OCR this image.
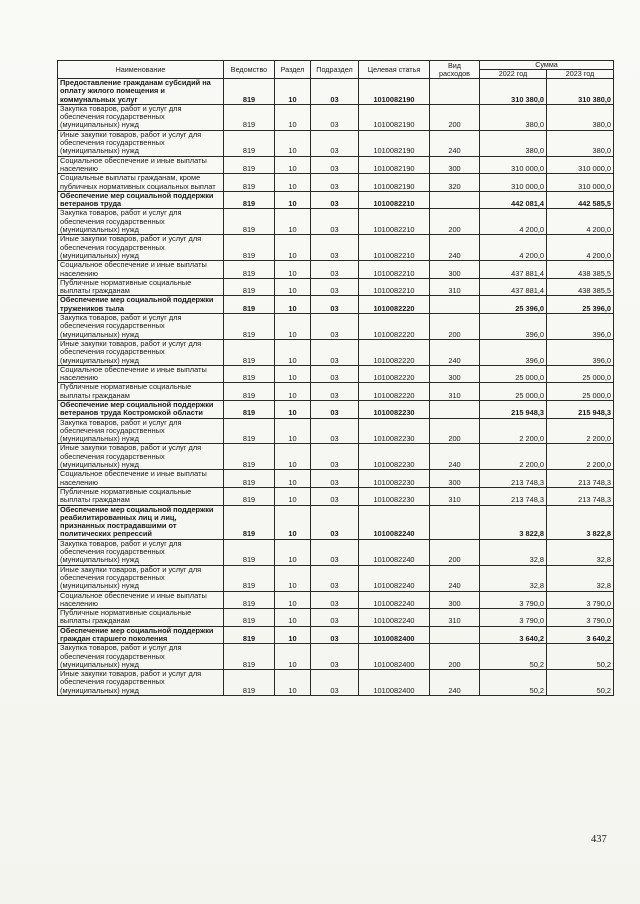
Наименование	Ведомство	Раздел	Подраздел	Целевая статья	Вид расходов	Сумма	
						2022 год	2023 год
Предоставление гражданам субсидий на оплату жилого помещения и коммунальных услуг	819	10	03	1010082190		310 380,0	310 380,0
Закупка товаров, работ и услуг для обеспечения государственных (муниципальных) нужд	819	10	03	1010082190	200	380,0	380,0
Иные закупки товаров, работ и услуг для обеспечения государственных (муниципальных) нужд	819	10	03	1010082190	240	380,0	380,0
Социальное обеспечение и иные выплаты населению	819	10	03	1010082190	300	310 000,0	310 000,0
Социальные выплаты гражданам, кроме публичных нормативных социальных выплат	819	10	03	1010082190	320	310 000,0	310 000,0
Обеспечение мер социальной поддержки ветеранов труда	819	10	03	1010082210		442 081,4	442 585,5
Закупка товаров, работ и услуг для обеспечения государственных (муниципальных) нужд	819	10	03	1010082210	200	4 200,0	4 200,0
Иные закупки товаров, работ и услуг для обеспечения государственных (муниципальных) нужд	819	10	03	1010082210	240	4 200,0	4 200,0
Социальное обеспечение и иные выплаты населению	819	10	03	1010082210	300	437 881,4	438 385,5
Публичные нормативные социальные выплаты гражданам	819	10	03	1010082210	310	437 881,4	438 385,5
Обеспечение мер социальной поддержки тружеников тыла	819	10	03	1010082220		25 396,0	25 396,0
Закупка товаров, работ и услуг для обеспечения государственных (муниципальных) нужд	819	10	03	1010082220	200	396,0	396,0
Иные закупки товаров, работ и услуг для обеспечения государственных (муниципальных) нужд	819	10	03	1010082220	240	396,0	396,0
Социальное обеспечение и иные выплаты населению	819	10	03	1010082220	300	25 000,0	25 000,0
Публичные нормативные социальные выплаты гражданам	819	10	03	1010082220	310	25 000,0	25 000,0
Обеспечение мер социальной поддержки ветеранов труда Костромской области	819	10	03	1010082230		215 948,3	215 948,3
Закупка товаров, работ и услуг для обеспечения государственных (муниципальных) нужд	819	10	03	1010082230	200	2 200,0	2 200,0
Иные закупки товаров, работ и услуг для обеспечения государственных (муниципальных) нужд	819	10	03	1010082230	240	2 200,0	2 200,0
Социальное обеспечение и иные выплаты населению	819	10	03	1010082230	300	213 748,3	213 748,3
Публичные нормативные социальные выплаты гражданам	819	10	03	1010082230	310	213 748,3	213 748,3
Обеспечение мер социальной поддержки реабилитированных лиц и лиц, признанных пострадавшими от политических репрессий	819	10	03	1010082240		3 822,8	3 822,8
Закупка товаров, работ и услуг для обеспечения государственных (муниципальных) нужд	819	10	03	1010082240	200	32,8	32,8
Иные закупки товаров, работ и услуг для обеспечения государственных (муниципальных) нужд	819	10	03	1010082240	240	32,8	32,8
Социальное обеспечение и иные выплаты населению	819	10	03	1010082240	300	3 790,0	3 790,0
Публичные нормативные социальные выплаты гражданам	819	10	03	1010082240	310	3 790,0	3 790,0
Обеспечение мер социальной поддержки граждан старшего поколения	819	10	03	1010082400		3 640,2	3 640,2
Закупка товаров, работ и услуг для обеспечения государственных (муниципальных) нужд	819	10	03	1010082400	200	50,2	50,2
Иные закупки товаров, работ и услуг для обеспечения государственных (муниципальных) нужд	819	10	03	1010082400	240	50,2	50,2
437
